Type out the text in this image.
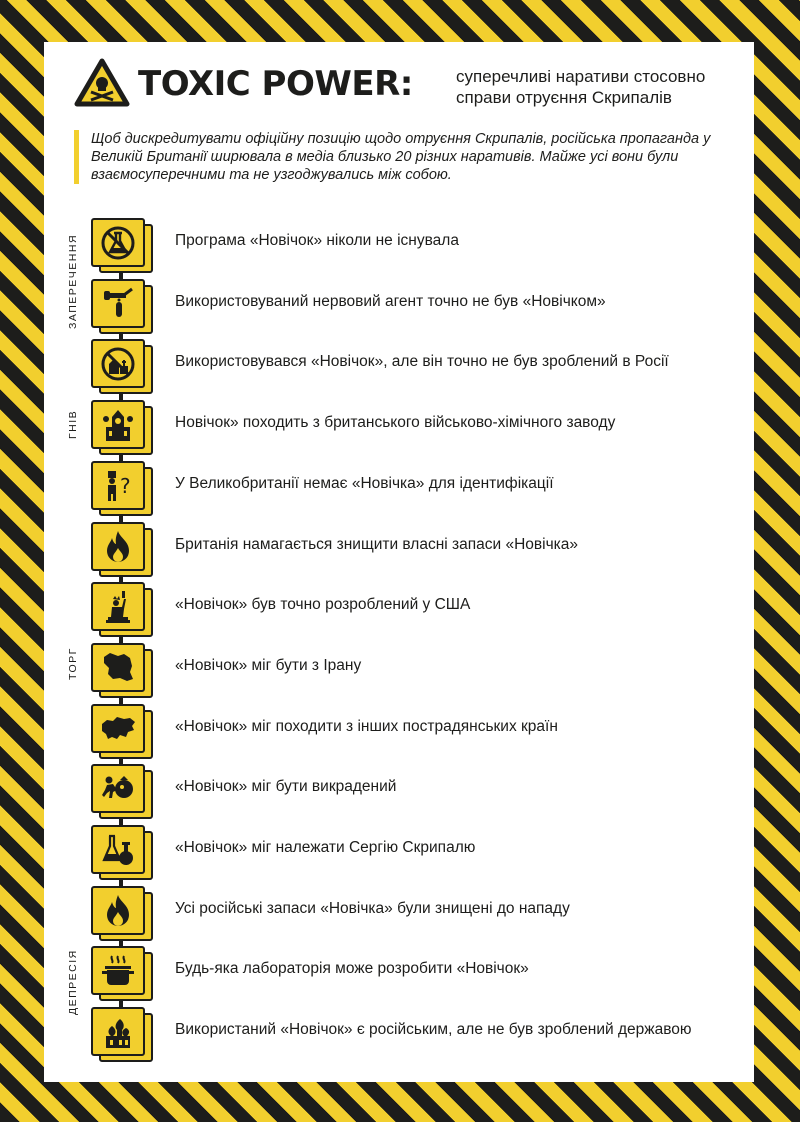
TOXIC POWER:	суперечливі наративи стосовно справи отруєння Скрипалів
Щоб дискредитувати офіційну позицію щодо отруєння Скрипалів, російська пропаганда у Великій Британії ширювала в медіа близько 20 різних наративів. Майже усі вони були взаємосуперечними та не узгоджувались між собою.
ЗАПЕРЕЧЕННЯ
ГНІВ
ТОРГ
ДЕПРЕСІЯ
Програма «Новічок» ніколи не існувала
Використовуваний нервовий агент точно не був «Новічком»
Використовувався «Новічок», але він точно не був зроблений в Росії
Новічок» походить з британського військово-хімічного заводу
У Великобританії немає «Новічка» для ідентифікації
Британія намагається знищити власні запаси «Новічка»
«Новічок» був точно розроблений у США
«Новічок» міг бути з Ірану
«Новічок» міг походити з інших пострадянських країн
«Новічок» міг бути викрадений
«Новічок» міг належати Сергію Скрипалю
Усі російські запаси «Новічка» були знищені до нападу
Будь-яка лабораторія може розробити «Новічок»
Використаний «Новічок» є російським, але не був зроблений державою
